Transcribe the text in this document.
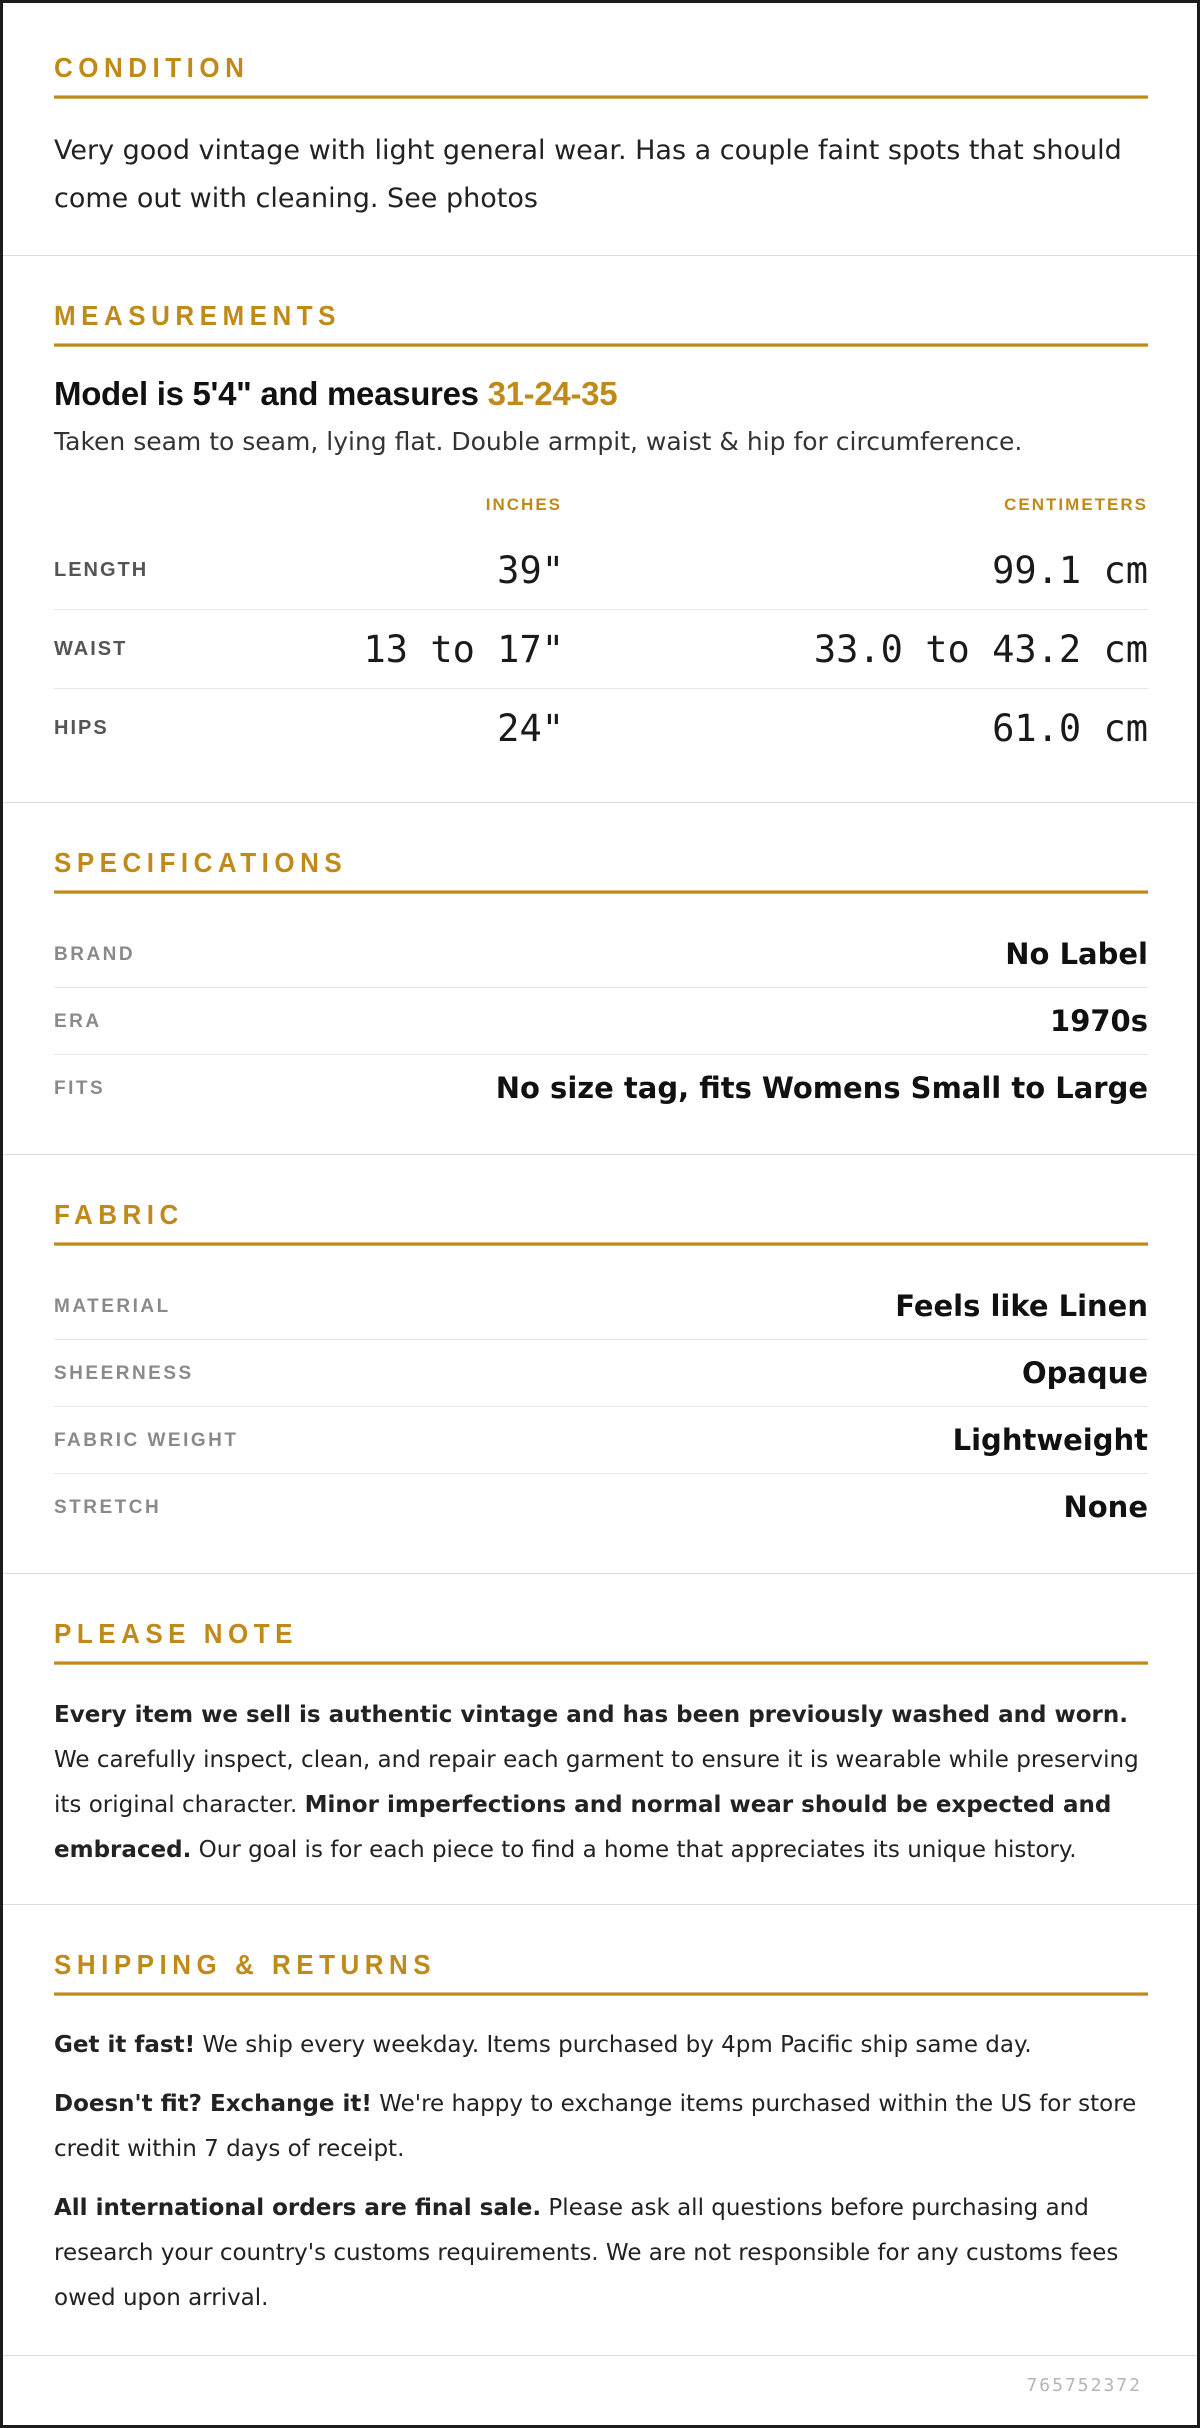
CONDITION
Very good vintage with light general wear. Has a couple faint spots that should come out with cleaning. See photos
MEASUREMENTS
Model is 5'4" and measures 31-24-35
Taken seam to seam, lying flat. Double armpit, waist & hip for circumference.
INCHES	CENTIMETERS
LENGTH	39"	99.1 cm
WAIST	13 to 17"	33.0 to 43.2 cm
HIPS	24"	61.0 cm
SPECIFICATIONS
BRAND	No Label
ERA	1970s
FITS	No size tag, fits Womens Small to Large
FABRIC
MATERIAL	Feels like Linen
SHEERNESS	Opaque
FABRIC WEIGHT	Lightweight
STRETCH	None
PLEASE NOTE
Every item we sell is authentic vintage and has been previously washed and worn. We carefully inspect, clean, and repair each garment to ensure it is wearable while preserving its original character. Minor imperfections and normal wear should be expected and embraced. Our goal is for each piece to find a home that appreciates its unique history.
SHIPPING & RETURNS
Get it fast! We ship every weekday. Items purchased by 4pm Pacific ship same day.
Doesn't fit? Exchange it! We're happy to exchange items purchased within the US for store credit within 7 days of receipt.
All international orders are final sale. Please ask all questions before purchasing and research your country's customs requirements. We are not responsible for any customs fees owed upon arrival.
765752372
